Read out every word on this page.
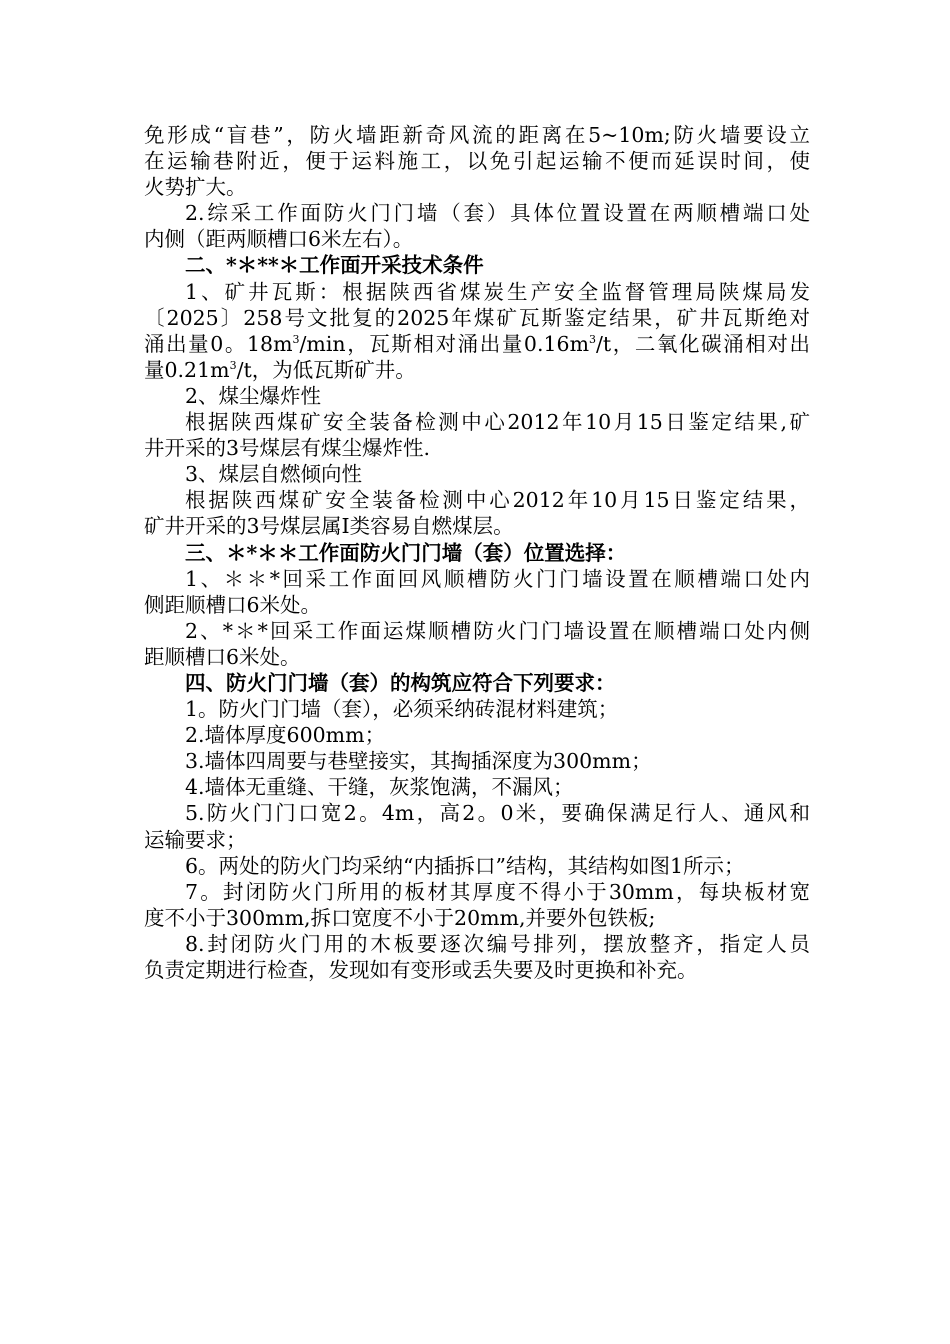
免形成“盲巷”，防火墙距新奇风流的距离在5~10m;防火墙要设立

在运输巷附近，便于运料施工，以免引起运输不便而延误时间，使

火势扩大。

2.综采工作面防火门门墙（套）具体位置设置在两顺槽端口处

内侧（距两顺槽口6米左右）。

二、*＊**＊工作面开采技术条件

1、矿井瓦斯：根据陕西省煤炭生产安全监督管理局陕煤局发

〔2025〕258号文批复的2025年煤矿瓦斯鉴定结果，矿井瓦斯绝对

涌出量0。$18m^3/\min$，瓦斯相对涌出量$0.16m^3/t$，二氧化碳涌相对出

量$0.21m^3/t$，为低瓦斯矿井。

2、煤尘爆炸性

根据陕西煤矿安全装备检测中心2012年10月15日鉴定结果,矿

井开采的3号煤层有煤尘爆炸性.

3、煤层自燃倾向性

根据陕西煤矿安全装备检测中心2012年10月15日鉴定结果，

矿井开采的3号煤层属Ⅰ类容易自燃煤层。

三、＊*＊＊工作面防火门门墙（套）位置选择：

1、＊＊*回采工作面回风顺槽防火门门墙设置在顺槽端口处内

侧距顺槽口6米处。

2、*＊*回采工作面运煤顺槽防火门门墙设置在顺槽端口处内侧

距顺槽口6米处。

四、防火门门墙（套）的构筑应符合下列要求：

1。防火门门墙（套），必须采纳砖混材料建筑；

2.墙体厚度600mm；

3.墙体四周要与巷壁接实，其掏插深度为300mm；

4.墙体无重缝、干缝，灰浆饱满，不漏风；

5.防火门门口宽2。4m，高2。0米，要确保满足行人、通风和

运输要求；

6。两处的防火门均采纳“内插拆口”结构，其结构如图1所示；

7。封闭防火门所用的板材其厚度不得小于30mm，每块板材宽

度不小于300mm,拆口宽度不小于20mm,并要外包铁板;

8.封闭防火门用的木板要逐次编号排列，摆放整齐，指定人员

负责定期进行检查，发现如有变形或丢失要及时更换和补充。
